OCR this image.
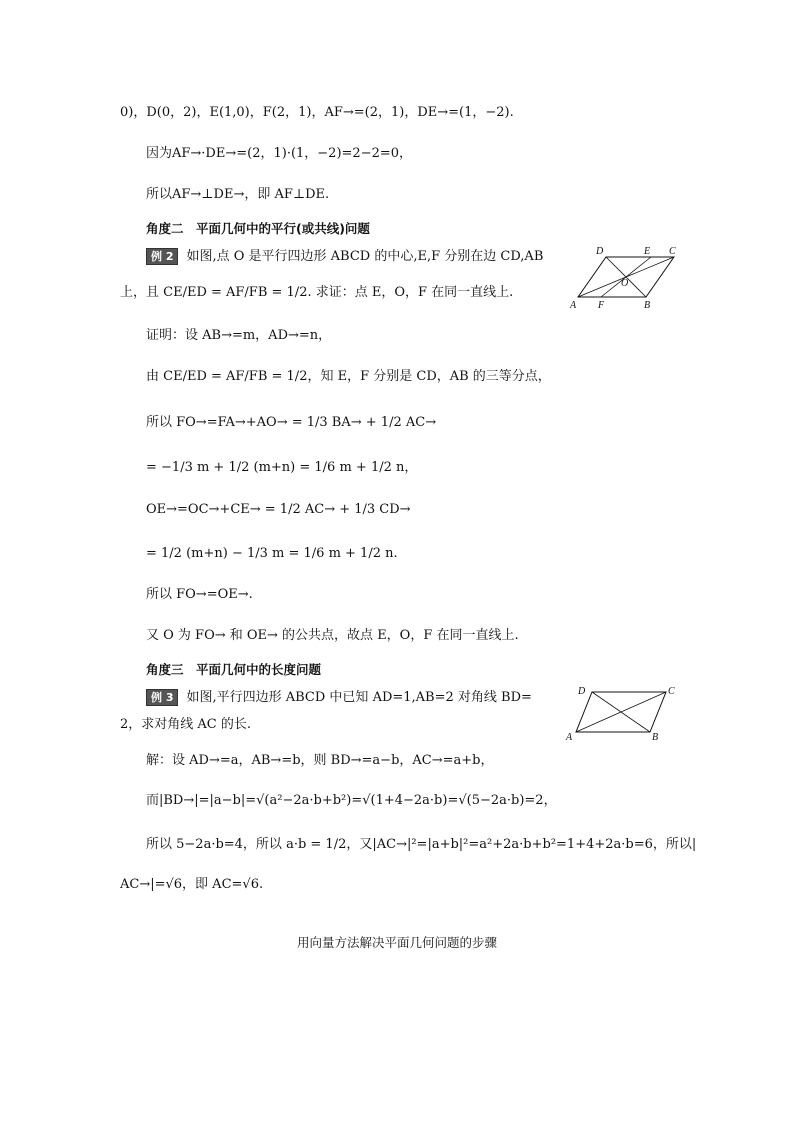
0)，D(0，2)，E(1,0)，F(2，1)，AF→=(2，1)，DE→=(1，−2).
因为AF→·DE→=(2，1)·(1，−2)=2−2=0，
所以AF→⊥DE→，即 AF⊥DE.
角度二　平面几何中的平行(或共线)问题
例 2 如图,点 O 是平行四边形 ABCD 的中心,E,F 分别在边 CD,AB
上，且 CE/ED = AF/FB = 1/2. 求证：点 E，O，F 在同一直线上.
D	E C
O
A F	B
证明：设 AB→=m，AD→=n，
由 CE/ED = AF/FB = 1/2，知 E，F 分别是 CD，AB 的三等分点，
所以 FO→=FA→+AO→ = 1/3 BA→ + 1/2 AC→
= −1/3 m + 1/2 (m+n) = 1/6 m + 1/2 n，
OE→=OC→+CE→ = 1/2 AC→ + 1/3 CD→
= 1/2 (m+n) − 1/3 m = 1/6 m + 1/2 n.
所以 FO→=OE→.
又 O 为 FO→ 和 OE→ 的公共点，故点 E，O，F 在同一直线上.
角度三　平面几何中的长度问题
例 3 如图,平行四边形 ABCD 中已知 AD=1,AB=2 对角线 BD=
2，求对角线 AC 的长.
D	C
A	B
解：设 AD→=a，AB→=b，则 BD→=a−b，AC→=a+b，
而|BD→|=|a−b|=√(a²−2a·b+b²)=√(1+4−2a·b)=√(5−2a·b)=2，
所以 5−2a·b=4，所以 a·b = 1/2，又|AC→|²=|a+b|²=a²+2a·b+b²=1+4+2a·b=6，所以|
AC→|=√6，即 AC=√6.
用向量方法解决平面几何问题的步骤
